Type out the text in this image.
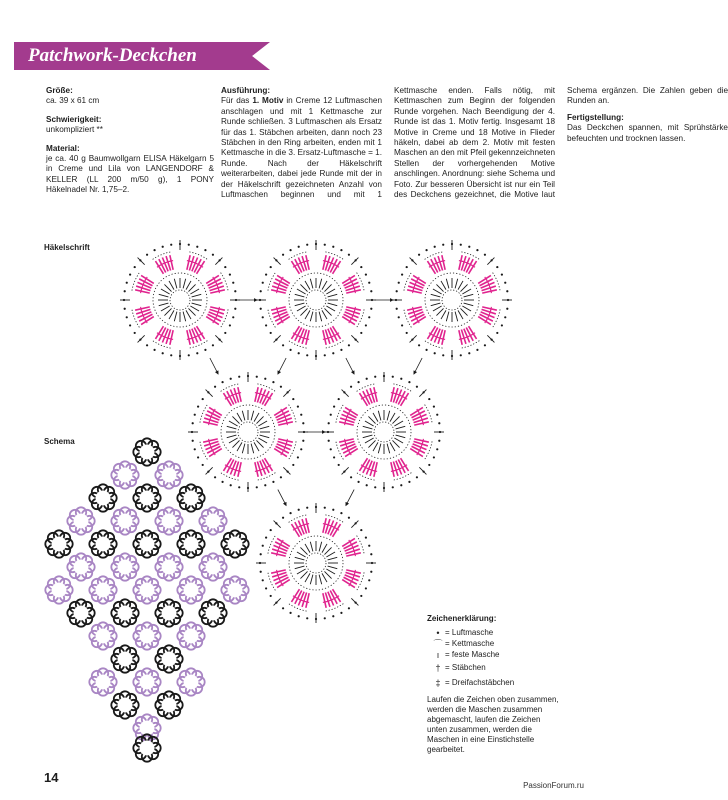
Patchwork-Deckchen
Größe:

ca. 39 x 61 cm

Schwierigkeit:

unkompliziert **

Material:

je ca. 40 g Baumwollgarn ELISA Häkelgarn 5 in Creme und Lila von LANGENDORF & KELLER (LL 200 m/50 g), 1 PONY Häkelnadel Nr. 1,75–2.

Ausführung:

Für das 1. Motiv in Creme 12 Luftmaschen anschlagen und mit 1 Kettmasche zur Runde schließen. 3 Luftmaschen als Ersatz für das 1. Stäbchen arbeiten, dann noch 23 Stäbchen in den Ring arbeiten, enden mit 1 Kettmasche in die 3. Ersatz-Luftmasche = 1. Runde. Nach der Häkelschrift weiterarbeiten, dabei jede Runde mit der in der Häkelschrift gezeichneten Anzahl von Luftmaschen beginnen und mit 1 Kettmasche enden. Falls nötig, mit Kettmaschen zum Beginn der folgenden Runde vorgehen. Nach Beendigung der 4. Runde ist das 1. Motiv fertig. Insgesamt 18 Motive in Creme und 18 Motive in Flieder häkeln, dabei ab dem 2. Motiv mit festen Maschen an den mit Pfeil gekennzeichneten Stellen der vorhergehenden Motive anschlingen. Anordnung: siehe Schema und Foto. Zur besseren Übersicht ist nur ein Teil des Deckchens gezeichnet, die Motive laut Schema ergänzen. Die Zahlen geben die Runden an.

Fertigstellung:

Das Deckchen spannen, mit Sprühstärke befeuchten und trocknen lassen.

Häkelschrift
Schema
Zeichenerklärung:
• = Luftmasche
⌒ = Kettmasche
ı = feste Masche
† = Stäbchen
‡ = Dreifachstäbchen
Laufen die Zeichen oben zusammen, werden die Maschen zusammen abgemascht, laufen die Zeichen unten zusammen, werden die Maschen in eine Einstichstelle gearbeitet.
14
PassionForum.ru
